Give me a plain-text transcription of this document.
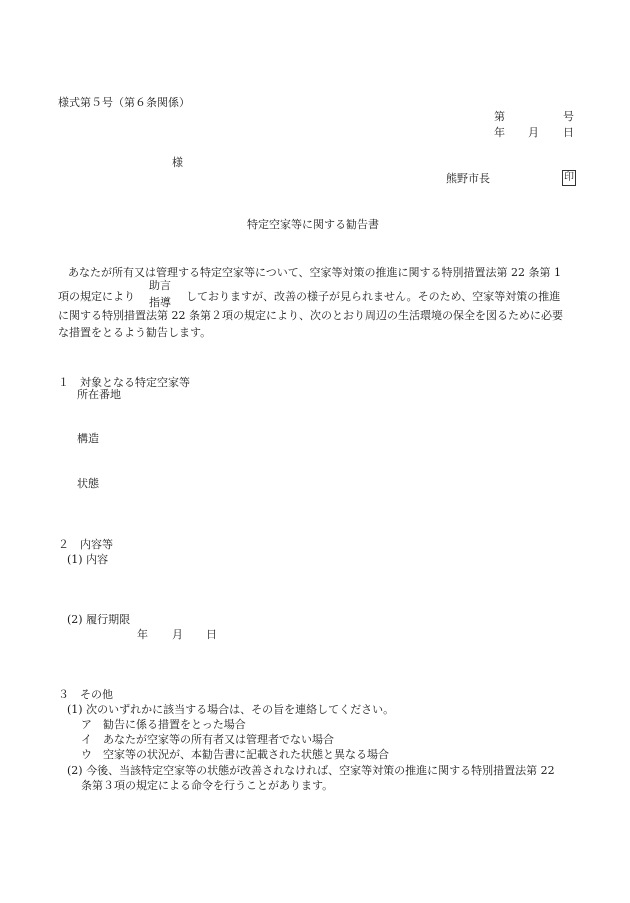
様式第５号（第６条関係）
第	号
年 月 日
様
熊野市長	印
特定空家等に関する勧告書
あなたが所有又は管理する特定空家等について、空家等対策の推進に関する特別措置法第 22 条第 1
項の規定により
助言
指導 しておりますが、改善の様子が見られません。そのため、空家等対策の推進
に関する特別措置法第 22 条第２項の規定により、次のとおり周辺の生活環境の保全を図るために必要
な措置をとるよう勧告します。
１　対象となる特定空家等
所在番地
構造
状態
２　内容等
(1) 内容
(2) 履行期限
年 月 日
３　その他
(1) 次のいずれかに該当する場合は、その旨を連絡してください。
ア　勧告に係る措置をとった場合
イ　あなたが空家等の所有者又は管理者でない場合
ウ　空家等の状況が、本勧告書に記載された状態と異なる場合
(2) 今後、当該特定空家等の状態が改善されなければ、空家等対策の推進に関する特別措置法第 22
条第３項の規定による命令を行うことがあります。
